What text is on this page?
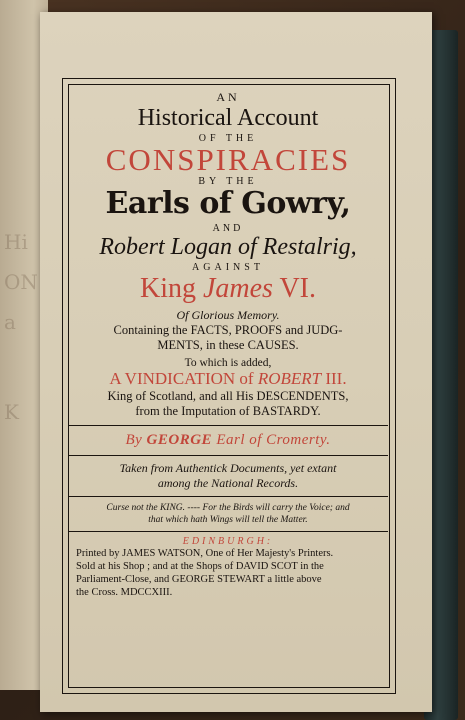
Hi
ON
a
K
AN
Historical Account
OF THE
CONSPIRACIES
BY THE
Earls of Gowry,
AND
Robert Logan of Restalrig,
AGAINST
King James VI.
Of Glorious Memory.
Containing the FACTS, PROOFS and JUDG-
MENTS, in these CAUSES.
To which is added,
A VINDICATION of ROBERT III.
King of Scotland, and all His DESCENDENTS,
from the Imputation of BASTARDY.
By GEORGE Earl of Cromerty.
Taken from Authentick Documents, yet extant
among the National Records.
Curse not the KING. ---- For the Birds will carry the Voice; and
that which hath Wings will tell the Matter.
EDINBURGH:
Printed by JAMES WATSON, One of Her Majesty's Printers.
Sold at his Shop ; and at the Shops of DAVID SCOT in the
Parliament-Close, and GEORGE STEWART a little above
the Cross. MDCCXIII.
